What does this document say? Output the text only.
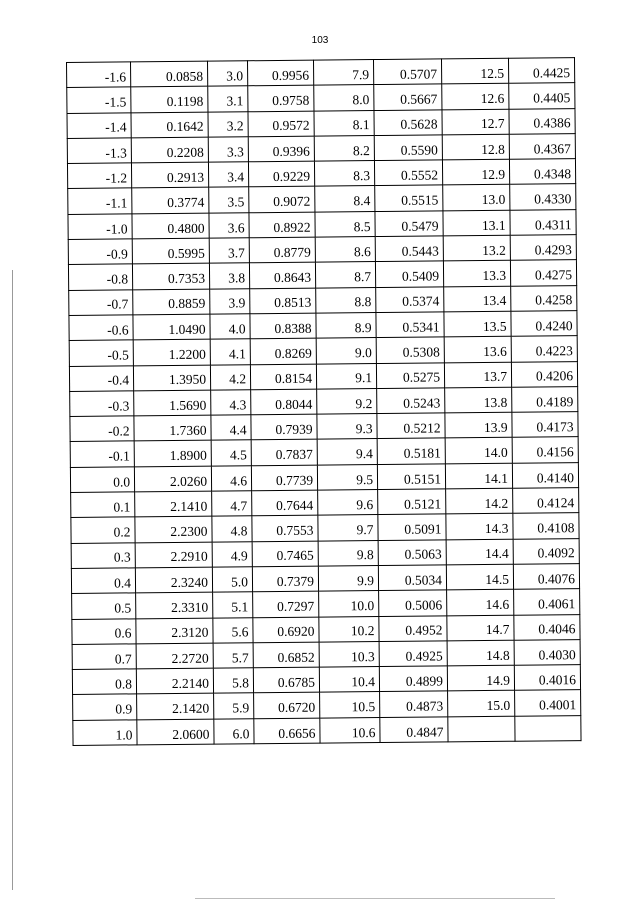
103
-1.6	0.0858	3.0	0.9956	7.9	0.5707	12.5	0.4425
-1.5	0.1198	3.1	0.9758	8.0	0.5667	12.6	0.4405
-1.4	0.1642	3.2	0.9572	8.1	0.5628	12.7	0.4386
-1.3	0.2208	3.3	0.9396	8.2	0.5590	12.8	0.4367
-1.2	0.2913	3.4	0.9229	8.3	0.5552	12.9	0.4348
-1.1	0.3774	3.5	0.9072	8.4	0.5515	13.0	0.4330
-1.0	0.4800	3.6	0.8922	8.5	0.5479	13.1	0.4311
-0.9	0.5995	3.7	0.8779	8.6	0.5443	13.2	0.4293
-0.8	0.7353	3.8	0.8643	8.7	0.5409	13.3	0.4275
-0.7	0.8859	3.9	0.8513	8.8	0.5374	13.4	0.4258
-0.6	1.0490	4.0	0.8388	8.9	0.5341	13.5	0.4240
-0.5	1.2200	4.1	0.8269	9.0	0.5308	13.6	0.4223
-0.4	1.3950	4.2	0.8154	9.1	0.5275	13.7	0.4206
-0.3	1.5690	4.3	0.8044	9.2	0.5243	13.8	0.4189
-0.2	1.7360	4.4	0.7939	9.3	0.5212	13.9	0.4173
-0.1	1.8900	4.5	0.7837	9.4	0.5181	14.0	0.4156
0.0	2.0260	4.6	0.7739	9.5	0.5151	14.1	0.4140
0.1	2.1410	4.7	0.7644	9.6	0.5121	14.2	0.4124
0.2	2.2300	4.8	0.7553	9.7	0.5091	14.3	0.4108
0.3	2.2910	4.9	0.7465	9.8	0.5063	14.4	0.4092
0.4	2.3240	5.0	0.7379	9.9	0.5034	14.5	0.4076
0.5	2.3310	5.1	0.7297	10.0	0.5006	14.6	0.4061
0.6	2.3120	5.6	0.6920	10.2	0.4952	14.7	0.4046
0.7	2.2720	5.7	0.6852	10.3	0.4925	14.8	0.4030
0.8	2.2140	5.8	0.6785	10.4	0.4899	14.9	0.4016
0.9	2.1420	5.9	0.6720	10.5	0.4873	15.0	0.4001
1.0	2.0600	6.0	0.6656	10.6	0.4847		
